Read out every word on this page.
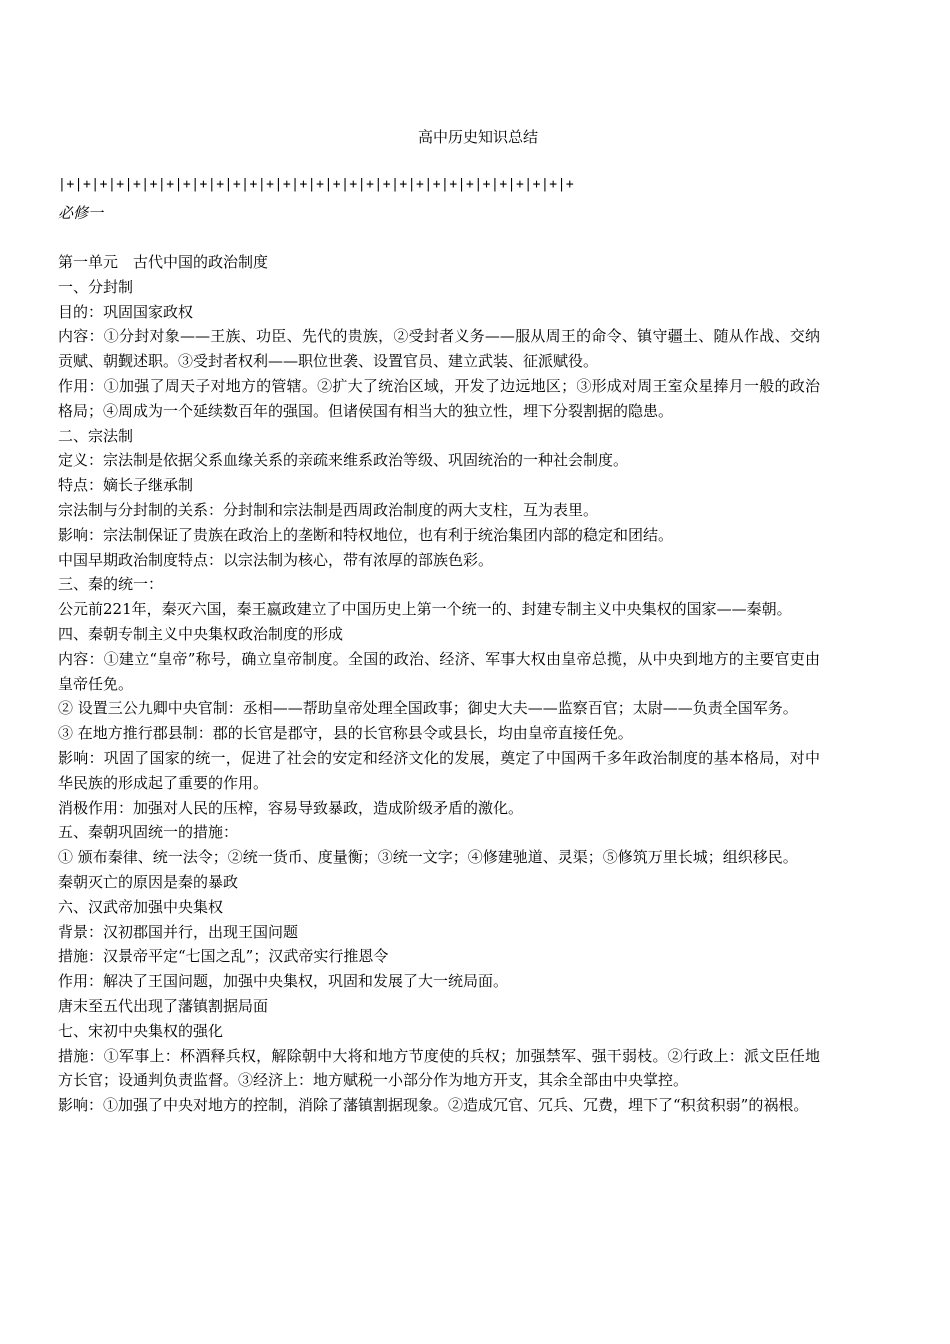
高中历史知识总结
|+|+|+|+|+|+|+|+|+|+|+|+|+|+|+|+|+|+|+|+|+|+|+|+|+|+|+|+|+|+|+
必修一

第一单元　古代中国的政治制度

一、分封制

目的：巩固国家政权

内容：①分封对象——王族、功臣、先代的贵族，②受封者义务——服从周王的命令、镇守疆土、随从作战、交纳贡赋、朝觐述职。③受封者权利——职位世袭、设置官员、建立武装、征派赋役。

作用：①加强了周天子对地方的管辖。②扩大了统治区域，开发了边远地区；③形成对周王室众星捧月一般的政治格局；④周成为一个延续数百年的强国。但诸侯国有相当大的独立性，埋下分裂割据的隐患。

二、宗法制

定义：宗法制是依据父系血缘关系的亲疏来维系政治等级、巩固统治的一种社会制度。

特点：嫡长子继承制

宗法制与分封制的关系：分封制和宗法制是西周政治制度的两大支柱，互为表里。

影响：宗法制保证了贵族在政治上的垄断和特权地位，也有利于统治集团内部的稳定和团结。

中国早期政治制度特点：以宗法制为核心，带有浓厚的部族色彩。

三、秦的统一：

公元前221年，秦灭六国，秦王嬴政建立了中国历史上第一个统一的、封建专制主义中央集权的国家——秦朝。

四、秦朝专制主义中央集权政治制度的形成

内容：①建立“皇帝”称号，确立皇帝制度。全国的政治、经济、军事大权由皇帝总揽，从中央到地方的主要官吏由皇帝任免。

② 设置三公九卿中央官制：丞相——帮助皇帝处理全国政事；御史大夫——监察百官；太尉——负责全国军务。

③ 在地方推行郡县制：郡的长官是郡守，县的长官称县令或县长，均由皇帝直接任免。

影响：巩固了国家的统一，促进了社会的安定和经济文化的发展，奠定了中国两千多年政治制度的基本格局，对中华民族的形成起了重要的作用。

消极作用：加强对人民的压榨，容易导致暴政，造成阶级矛盾的激化。

五、秦朝巩固统一的措施：

① 颁布秦律、统一法令；②统一货币、度量衡；③统一文字；④修建驰道、灵渠；⑤修筑万里长城；组织移民。

秦朝灭亡的原因是秦的暴政

六、汉武帝加强中央集权

背景：汉初郡国并行，出现王国问题

措施：汉景帝平定“七国之乱”；汉武帝实行推恩令

作用：解决了王国问题，加强中央集权，巩固和发展了大一统局面。

唐末至五代出现了藩镇割据局面

七、宋初中央集权的强化

措施：①军事上：杯酒释兵权，解除朝中大将和地方节度使的兵权；加强禁军、强干弱枝。②行政上：派文臣任地方长官；设通判负责监督。③经济上：地方赋税一小部分作为地方开支，其余全部由中央掌控。

影响：①加强了中央对地方的控制，消除了藩镇割据现象。②造成冗官、冗兵、冗费，埋下了“积贫积弱”的祸根。
